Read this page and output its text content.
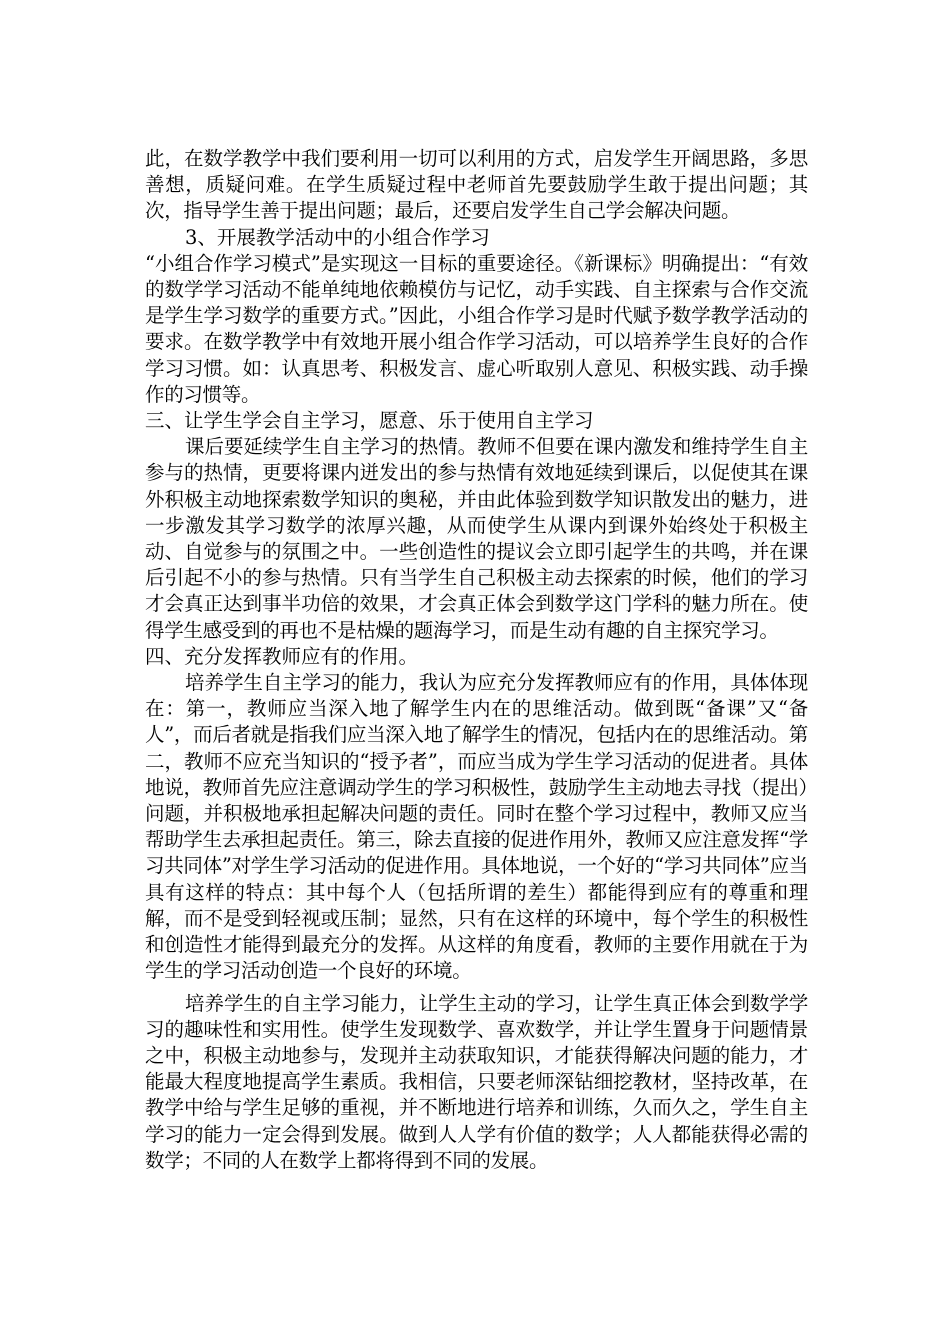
此，在数学教学中我们要利用一切可以利用的方式，启发学生开阔思路，多思善想，质疑问难。在学生质疑过程中老师首先要鼓励学生敢于提出问题；其次，指导学生善于提出问题；最后，还要启发学生自己学会解决问题。

3、开展教学活动中的小组合作学习

“小组合作学习模式”是实现这一目标的重要途径。《新课标》明确提出：“有效的数学学习活动不能单纯地依赖模仿与记忆，动手实践、自主探索与合作交流是学生学习数学的重要方式。”因此，小组合作学习是时代赋予数学教学活动的要求。在数学教学中有效地开展小组合作学习活动，可以培养学生良好的合作学习习惯。如：认真思考、积极发言、虚心听取别人意见、积极实践、动手操作的习惯等。

三、让学生学会自主学习，愿意、乐于使用自主学习

课后要延续学生自主学习的热情。教师不但要在课内激发和维持学生自主参与的热情，更要将课内迸发出的参与热情有效地延续到课后，以促使其在课外积极主动地探索数学知识的奥秘，并由此体验到数学知识散发出的魅力，进一步激发其学习数学的浓厚兴趣，从而使学生从课内到课外始终处于积极主动、自觉参与的氛围之中。一些创造性的提议会立即引起学生的共鸣，并在课后引起不小的参与热情。只有当学生自己积极主动去探索的时候，他们的学习才会真正达到事半功倍的效果，才会真正体会到数学这门学科的魅力所在。使得学生感受到的再也不是枯燥的题海学习，而是生动有趣的自主探究学习。

四、充分发挥教师应有的作用。

培养学生自主学习的能力，我认为应充分发挥教师应有的作用，具体体现在：第一，教师应当深入地了解学生内在的思维活动。做到既“备课”又“备人”，而后者就是指我们应当深入地了解学生的情况，包括内在的思维活动。第二，教师不应充当知识的“授予者”，而应当成为学生学习活动的促进者。具体地说，教师首先应注意调动学生的学习积极性，鼓励学生主动地去寻找（提出）问题，并积极地承担起解决问题的责任。同时在整个学习过程中，教师又应当帮助学生去承担起责任。第三，除去直接的促进作用外，教师又应注意发挥“学习共同体”对学生学习活动的促进作用。具体地说，一个好的“学习共同体”应当具有这样的特点：其中每个人（包括所谓的差生）都能得到应有的尊重和理解，而不是受到轻视或压制；显然，只有在这样的环境中，每个学生的积极性和创造性才能得到最充分的发挥。从这样的角度看，教师的主要作用就在于为学生的学习活动创造一个良好的环境。

培养学生的自主学习能力，让学生主动的学习，让学生真正体会到数学学习的趣味性和实用性。使学生发现数学、喜欢数学，并让学生置身于问题情景之中，积极主动地参与，发现并主动获取知识，才能获得解决问题的能力，才能最大程度地提高学生素质。我相信，只要老师深钻细挖教材，坚持改革，在教学中给与学生足够的重视，并不断地进行培养和训练，久而久之，学生自主学习的能力一定会得到发展。做到人人学有价值的数学；人人都能获得必需的数学；不同的人在数学上都将得到不同的发展。
